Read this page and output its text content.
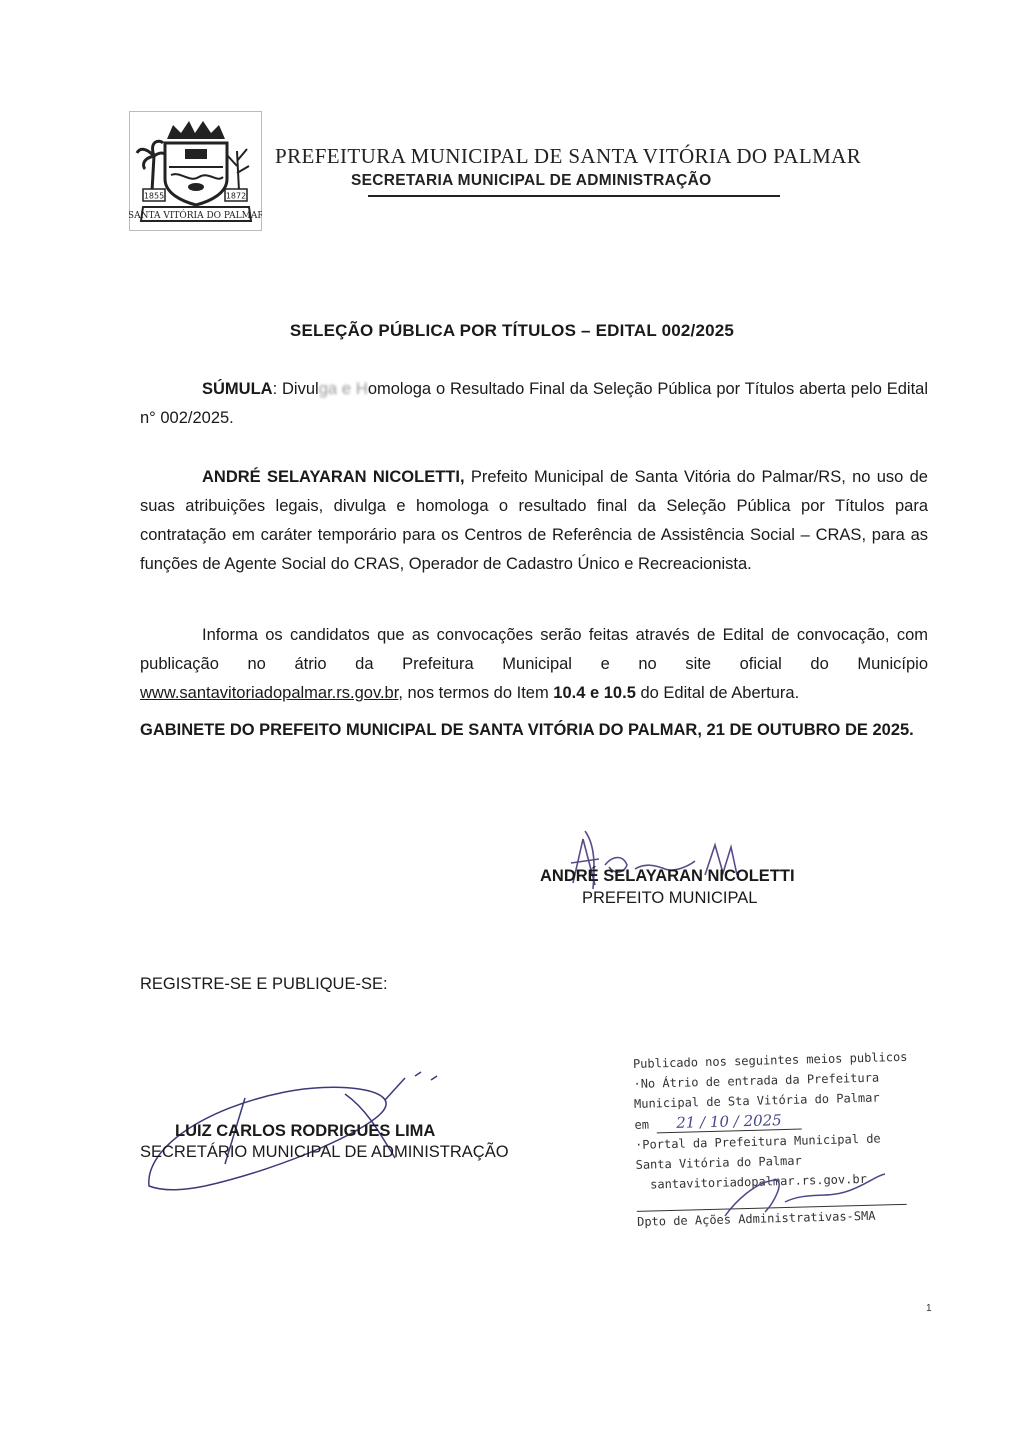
1855	1872
SANTA VITÓRIA DO PALMAR
PREFEITURA MUNICIPAL DE SANTA VITÓRIA DO PALMAR
SECRETARIA MUNICIPAL DE ADMINISTRAÇÃO
SELEÇÃO PÚBLICA POR TÍTULOS – EDITAL 002/2025
SÚMULA: Divulga e Homologa o Resultado Final da Seleção Pública por Títulos aberta pelo Edital n° 002/2025.
ANDRÉ SELAYARAN NICOLETTI, Prefeito Municipal de Santa Vitória do Palmar/RS, no uso de suas atribuições legais, divulga e homologa o resultado final da Seleção Pública por Títulos para contratação em caráter temporário para os Centros de Referência de Assistência Social – CRAS, para as funções de Agente Social do CRAS, Operador de Cadastro Único e Recreacionista.
Informa os candidatos que as convocações serão feitas através de Edital de convocação, com publicação no átrio da Prefeitura Municipal e no site oficial do Município www.santavitoriadopalmar.rs.gov.br, nos termos do Item 10.4 e 10.5 do Edital de Abertura.
GABINETE DO PREFEITO MUNICIPAL DE SANTA VITÓRIA DO PALMAR, 21 DE OUTUBRO DE 2025.
ANDRÉ SELAYARAN NICOLETTI
PREFEITO MUNICIPAL
REGISTRE-SE E PUBLIQUE-SE:
LUIZ CARLOS RODRIGUES LIMA
SECRETÁRIO MUNICIPAL DE ADMINISTRAÇÃO
Publicado nos seguintes meios publicos
·No Átrio de entrada da Prefeitura
Municipal de Sta Vitória do Palmar
em 21 / 10 / 2025
·Portal da Prefeitura Municipal de
Santa Vitória do Palmar
santavitoriadopalmar.rs.gov.br
Dpto de Ações Administrativas-SMA
1
